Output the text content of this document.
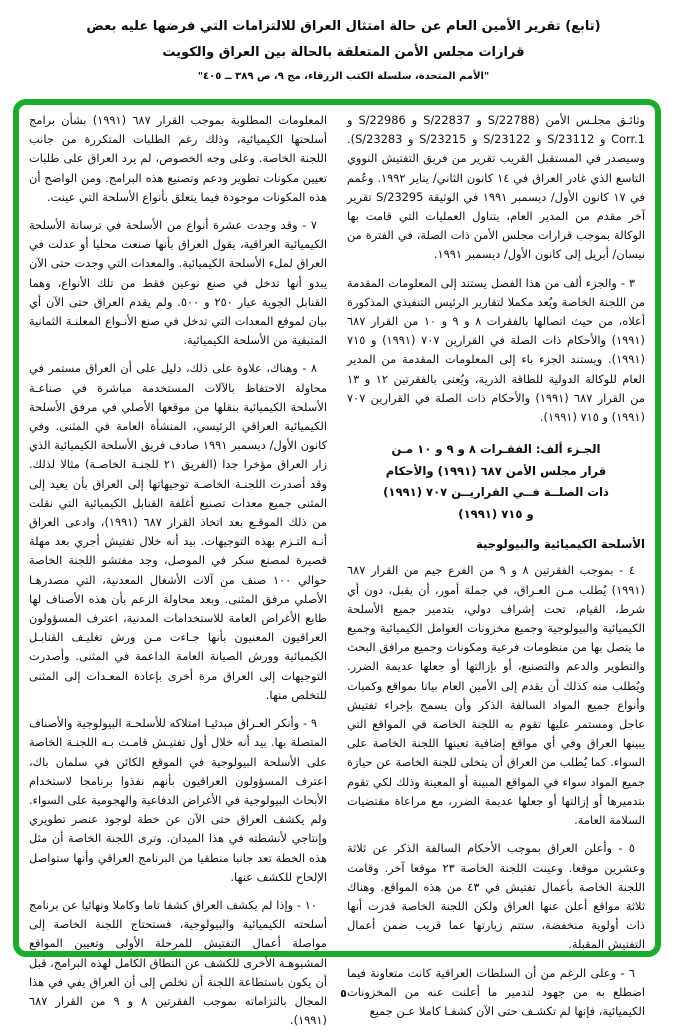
(تابع) تقرير الأمين العام عن حالة امتثال العراق للالتزامات التي فرضها عليه بعض
قرارات مجلس الأمن المتعلقة بالحالة بين العراق والكويت
"الأمم المتحدة، سلسلة الكتب الزرقاء، مج ٩، ص ٣٨٩ ــ ٤٠٥"

وثائـق مجلـس الأمن (S/22788 و S/22837 و S/22986 و Corr.1 و S/23112 و S/23122 و S/23215 و S/23283). وسيصدر في المستقبل القريب تقرير من فريق التفتيش النووي التاسع الذي غادر العراق في ١٤ كانون الثاني/ يناير ١٩٩٢. وعُمم في ١٧ كانون الأول/ ديسمبر ١٩٩١ في الوثيقة S/23295 تقرير آخر مقدم من المدير العام، يتناول العمليات التي قامت بها الوكالة بموجب قرارات مجلس الأمن ذات الصلة، في الفترة من نيسان/ أبريل إلى كانون الأول/ ديسمبر ١٩٩١.

٣ - والجزء ألف من هذا الفصل يستند إلى المعلومات المقدمة من اللجنة الخاصة ويُعد مكملا لتقارير الرئيس التنفيذي المذكورة أعلاه، من حيث اتصالها بالفقرات ٨ و ٩ و ١٠ من القرار ٦٨٧ (١٩٩١) والأحكام ذات الصلة في القرارين ٧٠٧ (١٩٩١) و ٧١٥ (١٩٩١). ويستند الجزء باء إلى المعلومات المقدمة من المدير العام للوكالة الدولية للطاقة الذرية، ويُعنى بالفقرتين ١٢ و ١٣ من القرار ٦٨٧ (١٩٩١) والأحكام ذات الصلة في القرارين ٧٠٧ (١٩٩١) و ٧١٥ (١٩٩١).

الجـزء ألف: الفقـرات ٨ و ٩ و ١٠ مـن
قرار مجلس الأمن ٦٨٧ (١٩٩١) والأحكام
ذات الصلــة فــي القراريــن ٧٠٧ (١٩٩١)
و ٧١٥ (١٩٩١)
الأسلحة الكيميائية والبيولوجية

٤ - بموجب الفقرتين ٨ و ٩ من الفرع جيم من القرار ٦٨٧ (١٩٩١) يُطلب مـن العـراق، في جملة أمور، أن يقبل، دون أي شرط، القيام، تحت إشراف دولي، بتدمير جميع الأسلحة الكيميائية والبيولوجية وجميع مخزونات العوامل الكيميائية وجميع ما يتصل بها من منظومات فرعية ومكونات وجميع مرافق البحث والتطوير والدعم والتصنيع، أو بإزالتها أو جعلها عديمة الضرر. ويُطلب منه كذلك أن يقدم إلى الأمين العام بيانا بمواقع وكميات وأنواع جميع المواد السالفة الذكر وأن يسمح بإجراء تفتيش عاجل ومستمر عليها تقوم به اللجنة الخاصة في المواقع التي يبينها العراق وفي أي مواقع إضافية تعينها اللجنة الخاصة على السواء. كما يُطلب من العراق أن يتخلى للجنة الخاصة عن حيازة جميع المواد سواء في المواقع المبينة أو المعينة وذلك لكي تقوم بتدميرها أو إزالتها أو جعلها عديمة الضرر، مع مراعاة مقتضيات السلامة العامة.

٥ - وأعلن العراق بموجب الأحكام السالفة الذكر عن ثلاثة وعشرين موقعا. وعينت اللجنة الخاصة ٢٣ موقعا آخر. وقامت اللجنة الخاصة بأعمال تفتيش في ٤٣ من هذه المواقع. وهناك ثلاثة مواقع أعلن عنها العراق ولكن اللجنة الخاصة قدرت أنها ذات أولوية منخفضة، ستتم زيارتها عما قريب ضمن أعمال التفتيش المقبلة.

٦ - وعلى الرغم من أن السلطات العراقية كانت متعاونة فيما اضطلع به من جهود لتدمير ما أعلنت عنه من المخزونات الكيميائية، فإنها لم تكشـف حتى الآن كشفـا كاملا عـن جميع

المعلومات المطلوبة بموجب القرار ٦٨٧ (١٩٩١) بشأن برامج أسلحتها الكيميائية، وذلك رغم الطلبات المتكررة من جانب اللجنة الخاصة. وعلى وجه الخصوص، لم يرد العراق على طلبات تعيين مكونات تطوير ودعم وتصنيع هذه البرامج. ومن الواضح أن هذه المكونات موجودة فيما يتعلق بأنواع الأسلحة التي عينت.

٧ - وقد وجدت عشرة أنواع من الأسلحة في ترسانة الأسلحة الكيميائية العراقية، يقول العراق بأنها صنعت محليا أو عدلت في العراق لملء الأسلحة الكيميائية. والمعدات التي وجدت حتى الآن يبدو أنها تدخل في صنع نوعين فقط من تلك الأنواع، وهما القنابل الجوية عيار ٢٥٠ و ٥٠٠. ولم يقدم العراق حتى الآن أي بيان لموقع المعدات التي تدخل في صنع الأنـواع المعلنـة الثمانية المتبقية من الأسلحة الكيميائية.

٨ - وهناك، علاوة على ذلك، دليل على أن العراق مستمر في محاولة الاحتفاظ بالآلات المستخدمة مباشرة في صناعـة الأسلحة الكيميائية بنقلها من موقعها الأصلي في مرفق الأسلحة الكيميائية العراقي الرئيسي، المنشأة العامة في المثنى. وفي كانون الأول/ ديسمبر ١٩٩١ صادف فريق الأسلحة الكيميائية الذي زار العراق مؤخرا جدا (الفريق ٢١ للجنـة الخاصـة) مثالا لذلك. وقد أصدرت اللجنـة الخاصـة توجيهاتها إلى العراق بأن يعيد إلى المثنى جميع معدات تصنيع أغلفة القنابل الكيميائية التي نقلت من ذلك الموقـع بعد اتخاذ القرار ٦٨٧ (١٩٩١)، وادعى العراق أنـه التـزم بهذه التوجيهات. بيد أنه خلال تفتيش أجري بعد مهلة قصيرة لمصنع سكر في الموصل، وجد مفتشو اللجنة الخاصة حوالي ١٠٠ صنف من آلات الأشغال المعدنية، التي مصدرهـا الأصلي مرفق المثنى. وبعد محاولة الزعم بأن هذه الأصناف لها طابع الأغراض العامة للاستخدامات المدنية، اعترف المسؤولون العراقيون المعنيون بأنها جـاءت مـن ورش تغليـف القنابـل الكيميائية وورش الصيانة العامة الداعمة في المثنى. وأصدرت التوجيهات إلى العراق مرة أخرى بإعادة المعـدات إلى المثنى للتخلص منها.

٩ - وأنكر العـراق مبدئيـا امتلاكه للأسلحـة البيولوجية والأصناف المتصلة بها. بيد أنه خلال أول تفتيـش قامـت بـه اللجنـة الخاصة على الأسلحة البيولوجية في الموقع الكائن في سلمان باك، اعترف المسؤولون العراقيون بأنهم نفذوا برنامجا لاستخدام الأبحاث البيولوجية في الأغراض الدفاعية والهجومية على السواء. ولم يكشف العراق حتى الآن عن خطة لوجود عنصر تطويري وإنتاجي لأنشطته في هذا الميدان. وترى اللجنة الخاصة أن مثل هذه الخطة تعد جانبا منطقيا من البرنامج العراقي وأنها ستواصل الإلحاح للكشف عنها.

١٠ - وإذا لم يكشف العراق كشفا تاما وكاملا ونهائيا عن برنامج أسلحته الكيميائية والبيولوجية، فستحتاج اللجنة الخاصة إلى مواصلة أعمال التفتيش للمرحلة الأولى وتعيين المواقع المشبوهـة الأخرى للكشف عن النطاق الكامل لهذه البرامج، قبل أن يكون باستطاعة اللجنة أن تخلص إلى أن العراق يفي في هذا المجال بالتزاماته بموجب الفقرتين ٨ و ٩ من القرار ٦٨٧ (١٩٩١).

٥
